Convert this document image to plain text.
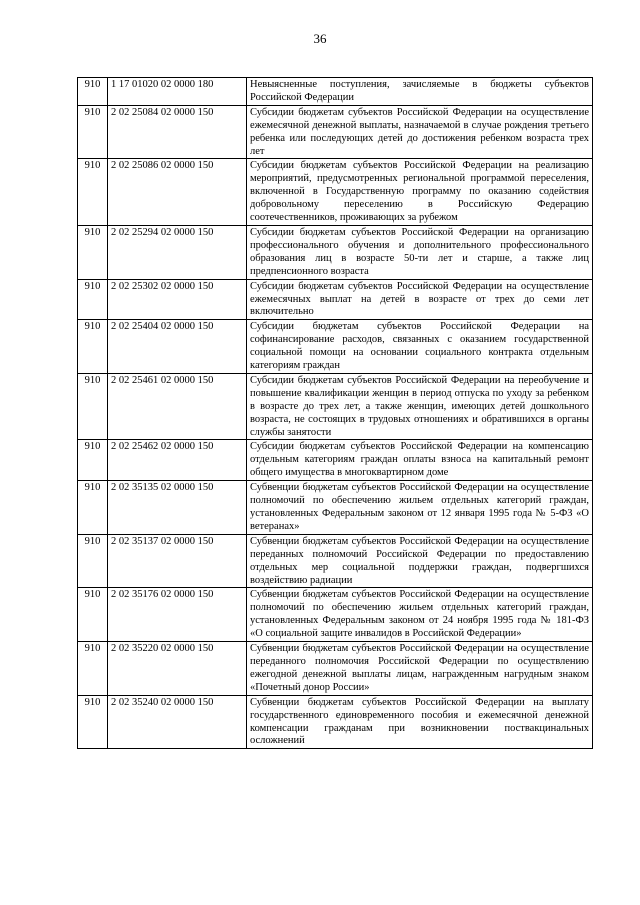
36
910	1 17 01020 02 0000 180	Невыясненные поступления, зачисляемые в бюджеты субъектов Российской Федерации

910	2 02 25084 02 0000 150	Субсидии бюджетам субъектов Российской Федерации на осуществление ежемесячной денежной выплаты, назначаемой в случае рождения третьего ребенка или последующих детей до достижения ребенком возраста трех лет

910	2 02 25086 02 0000 150	Субсидии бюджетам субъектов Российской Федерации на реализацию мероприятий, предусмотренных региональной программой переселения, включенной в Государственную программу по оказанию содействия добровольному переселению в Российскую Федерацию соотечественников, проживающих за рубежом

910	2 02 25294 02 0000 150	Субсидии бюджетам субъектов Российской Федерации на организацию профессионального обучения и дополнительного профессионального образования лиц в возрасте 50-ти лет и старше, а также лиц предпенсионного возраста

910	2 02 25302 02 0000 150	Субсидии бюджетам субъектов Российской Федерации на осуществление ежемесячных выплат на детей в возрасте от трех до семи лет включительно

910	2 02 25404 02 0000 150	Субсидии бюджетам субъектов Российской Федерации на софинансирование расходов, связанных с оказанием государственной социальной помощи на основании социального контракта отдельным категориям граждан

910	2 02 25461 02 0000 150	Субсидии бюджетам субъектов Российской Федерации на переобучение и повышение квалификации женщин в период отпуска по уходу за ребенком в возрасте до трех лет, а также женщин, имеющих детей дошкольного возраста, не состоящих в трудовых отношениях и обратившихся в органы службы занятости

910	2 02 25462 02 0000 150	Субсидии бюджетам субъектов Российской Федерации на компенсацию отдельным категориям граждан оплаты взноса на капитальный ремонт общего имущества в многоквартирном доме

910	2 02 35135 02 0000 150	Субвенции бюджетам субъектов Российской Федерации на осуществление полномочий по обеспечению жильем отдельных категорий граждан, установленных Федеральным законом от 12 января 1995 года № 5-ФЗ «О ветеранах»

910	2 02 35137 02 0000 150	Субвенции бюджетам субъектов Российской Федерации на осуществление переданных полномочий Российской Федерации по предоставлению отдельных мер социальной поддержки граждан, подвергшихся воздействию радиации

910	2 02 35176 02 0000 150	Субвенции бюджетам субъектов Российской Федерации на осуществление полномочий по обеспечению жильем отдельных категорий граждан, установленных Федеральным законом от 24 ноября 1995 года № 181-ФЗ «О социальной защите инвалидов в Российской Федерации»

910	2 02 35220 02 0000 150	Субвенции бюджетам субъектов Российской Федерации на осуществление переданного полномочия Российской Федерации по осуществлению ежегодной денежной выплаты лицам, награжденным нагрудным знаком «Почетный донор России»

910	2 02 35240 02 0000 150	Субвенции бюджетам субъектов Российской Федерации на выплату государственного единовременного пособия и ежемесячной денежной компенсации гражданам при возникновении поствакцинальных осложнений
